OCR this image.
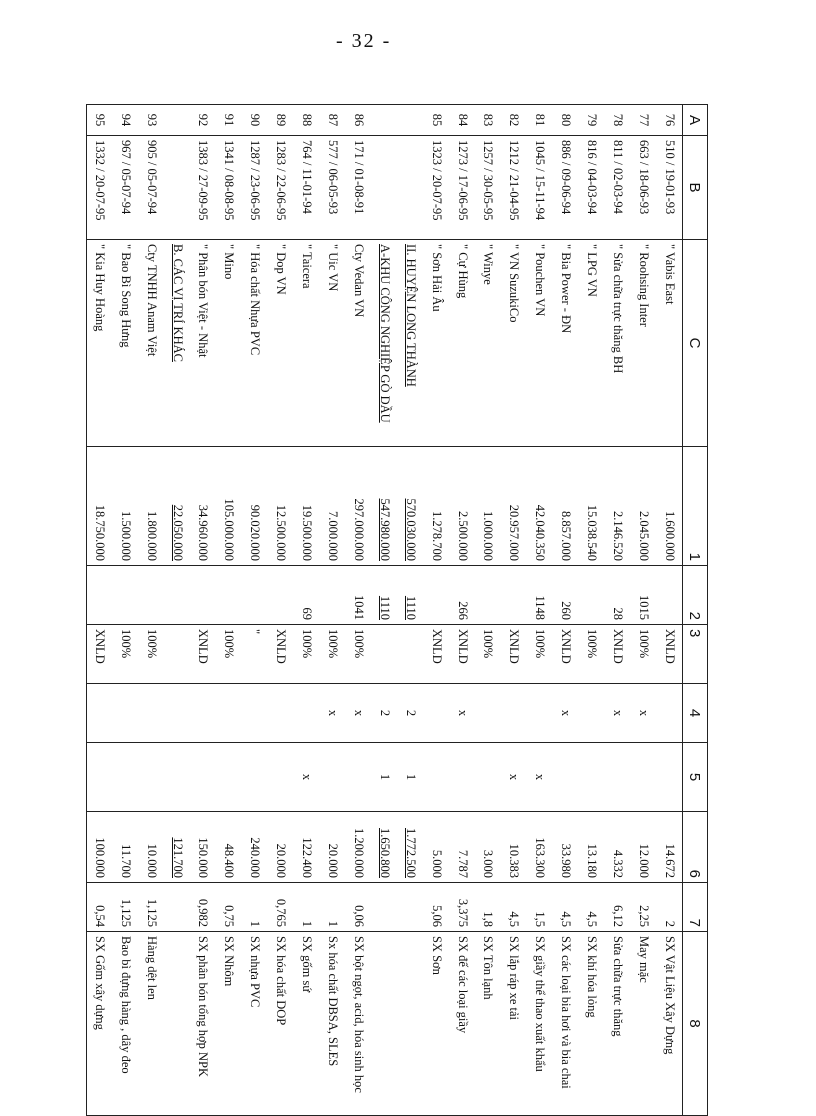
- 32 -
A	B	C	1	2	3	4	5	6	7	8
76	510 / 19-01-93	" Vabis East	1.600.000		XNLD			14.672	2	SX Vật Liệu Xây Dựng
77	663 / 18-06-93	" Roohsing Inter	2.045.000	1015	100%	x		12.000	2,25	May mặc
78	811 / 02-03-94	" Sửa chữa trực thăng BH	2.146.520	28	XNLD	x		4.332	6,12	Sửa chữa trực thăng
79	816 / 04-03-94	" LPG VN	15.038.540		100%			13.180	4,5	SX khí hóa lỏng
80	886 / 09-06-94	" Bia Power - ĐN	8.857.000	260	XNLD	x		33.980	4,5	SX các loại bia hơi và bia chai
81	1045 / 15-11-94	" Pouchen VN	42.040.350	1148	100%		x	163.300	1,5	SX giầy thể thao xuất khẩu
82	1212 / 21-04-95	" VN SuzukiCo	20.957.000		XNLD		x	10.383	4,5	SX lắp ráp xe tải
83	1257 / 30-05-95	" Winye	1.000.000		100%			3.000	1,8	SX Tôn lạnh
84	1273 / 17-06-95	" Cự Hùng	2.500.000	266	XNLD	x		7.787	3,375	SX đế các loại giầy
85	1323 / 20-07-95	" Sơn Hải Âu	1.278.700		XNLD			5.000	5,06	SX Sơn
		II. HUYỆN LONG THÀNH	570.030.000	1110		2	1	1.772.500		
		A-KHU CÔNG NGHIỆP GÒ DẦU	547.980.000	1110		2	1	1.650.800		
86	171 / 01-08-91	Cty Vedan VN	297.000.000	1041	100%	x		1.200.000	0,06	SX bột ngọt, acid, hóa sinh học
87	577 / 06-05-93	" Uic VN	7.000.000		100%	x		20.000	1	Sx hóa chất DBSA, SLES
88	764 / 11-01-94	" Taicera	19.500.000	69	100%		x	122.400	1	SX gốm sứ
89	1283 / 22-06-95	" Dop VN	12.500.000		XNLD			20.000	0,765	SX hóa chất DOP
90	1287 / 23-06-95	" Hóa chất Nhựa PVC	90.020.000		"			240.000	1	SX nhựa PVC
91	1341 / 08-08-95	" Mino	105.000.000		100%			48.400	0,75	SX Nhôm
92	1383 / 27-09-95	" Phân bón Việt - Nhật	34.960.000		XNLD			150.000	0,982	SX phân bón tổng hợp NPK
		B. CÁC VỊ TRÍ KHÁC	22.050.000					121.700		
93	905 / 05-07-94	Cty TNHH Anam Việt	1.800.000		100%			10.000	1,125	Hàng dệt len
94	967 / 05-07-94	" Bao Bì Song Hưng	1.500.000		100%			11.700	1,125	Bao bì đựng hàng , dây đeo
95	1332 / 20-07-95	" Kia Huy Hoàng	18.750.000		XNLD			100.000	0,54	SX Gốm xây dựng
